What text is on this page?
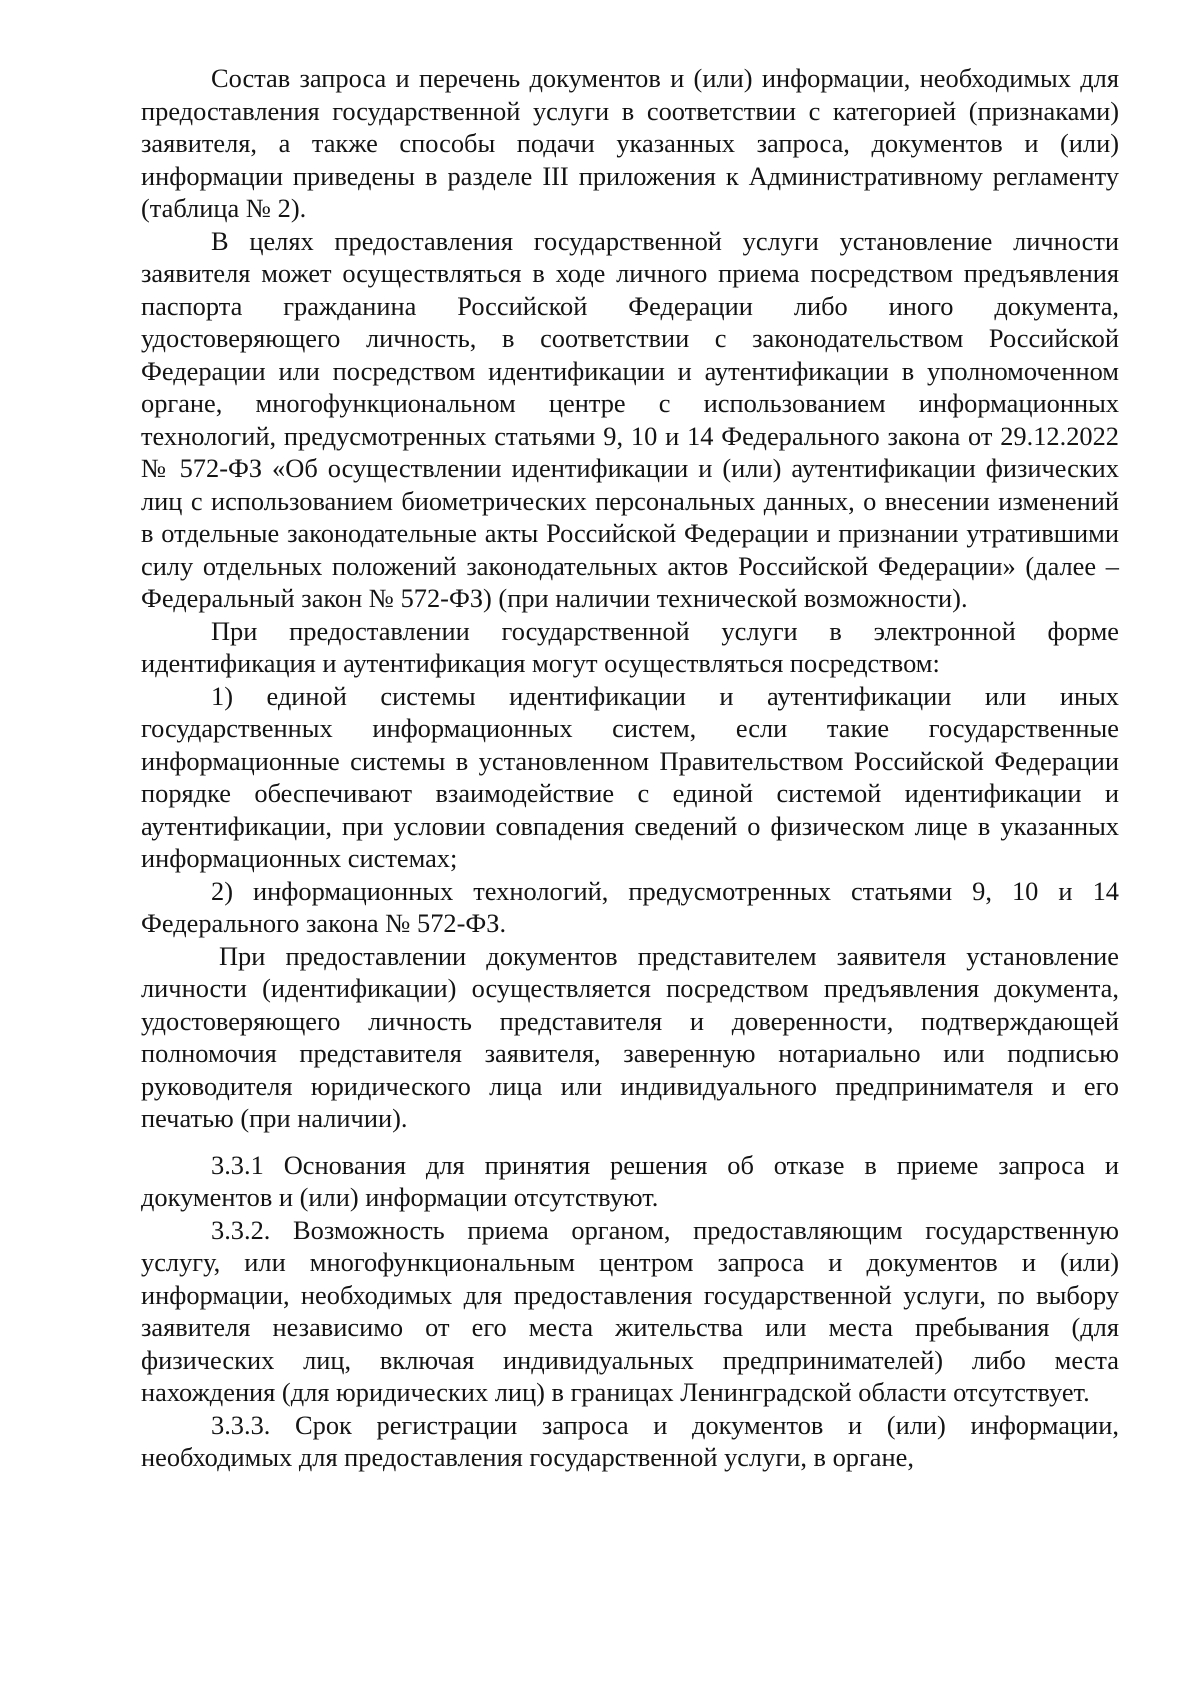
Состав запроса и перечень документов и (или) информации, необходимых для предоставления государственной услуги в соответствии с категорией (признаками) заявителя, а также способы подачи указанных запроса, документов и (или) информации приведены в разделе III приложения к Административному регламенту (таблица № 2).

В целях предоставления государственной услуги установление личности заявителя может осуществляться в ходе личного приема посредством предъявления паспорта гражданина Российской Федерации либо иного документа, удостоверяющего личность, в соответствии с законодательством Российской Федерации или посредством идентификации и аутентификации в уполномоченном органе, многофункциональном центре с использованием информационных технологий, предусмотренных статьями 9, 10 и 14 Федерального закона от 29.12.2022 № 572-ФЗ «Об осуществлении идентификации и (или) аутентификации физических лиц с использованием биометрических персональных данных, о внесении изменений в отдельные законодательные акты Российской Федерации и признании утратившими силу отдельных положений законодательных актов Российской Федерации» (далее – Федеральный закон № 572-ФЗ) (при наличии технической возможности).

При предоставлении государственной услуги в электронной форме идентификация и аутентификация могут осуществляться посредством:

1) единой системы идентификации и аутентификации или иных государственных информационных систем, если такие государственные информационные системы в установленном Правительством Российской Федерации порядке обеспечивают взаимодействие с единой системой идентификации и аутентификации, при условии совпадения сведений о физическом лице в указанных информационных системах;

2) информационных технологий, предусмотренных статьями 9, 10 и 14 Федерального закона № 572-ФЗ.

При предоставлении документов представителем заявителя установление личности (идентификации) осуществляется посредством предъявления документа, удостоверяющего личность представителя и доверенности, подтверждающей полномочия представителя заявителя, заверенную нотариально или подписью руководителя юридического лица или индивидуального предпринимателя и его печатью (при наличии).

3.3.1 Основания для принятия решения об отказе в приеме запроса и документов и (или) информации отсутствуют.

3.3.2. Возможность приема органом, предоставляющим государственную услугу, или многофункциональным центром запроса и документов и (или) информации, необходимых для предоставления государственной услуги, по выбору заявителя независимо от его места жительства или места пребывания (для физических лиц, включая индивидуальных предпринимателей) либо места нахождения (для юридических лиц) в границах Ленинградской области отсутствует.

3.3.3. Срок регистрации запроса и документов и (или) информации, необходимых для предоставления государственной услуги, в органе,
